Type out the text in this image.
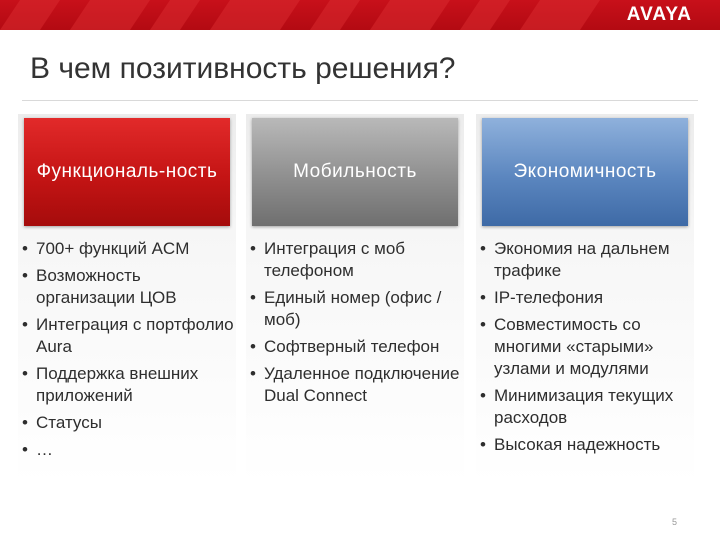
AVAYA
В чем позитивность решения?
Функциональ-ность
• 700+ функций ACM
• Возможность организации ЦОВ
• Интеграция с портфолио Aura
• Поддержка внешних приложений
• Статусы
• …
Мобильность
• Интеграция с моб телефоном
• Единый номер (офис / моб)
• Софтверный телефон
• Удаленное подключение Dual Connect
Экономичность
• Экономия на дальнем трафике
• IP-телефония
• Совместимость со многими «старыми» узлами и модулями
• Минимизация текущих расходов
• Высокая надежность
5
